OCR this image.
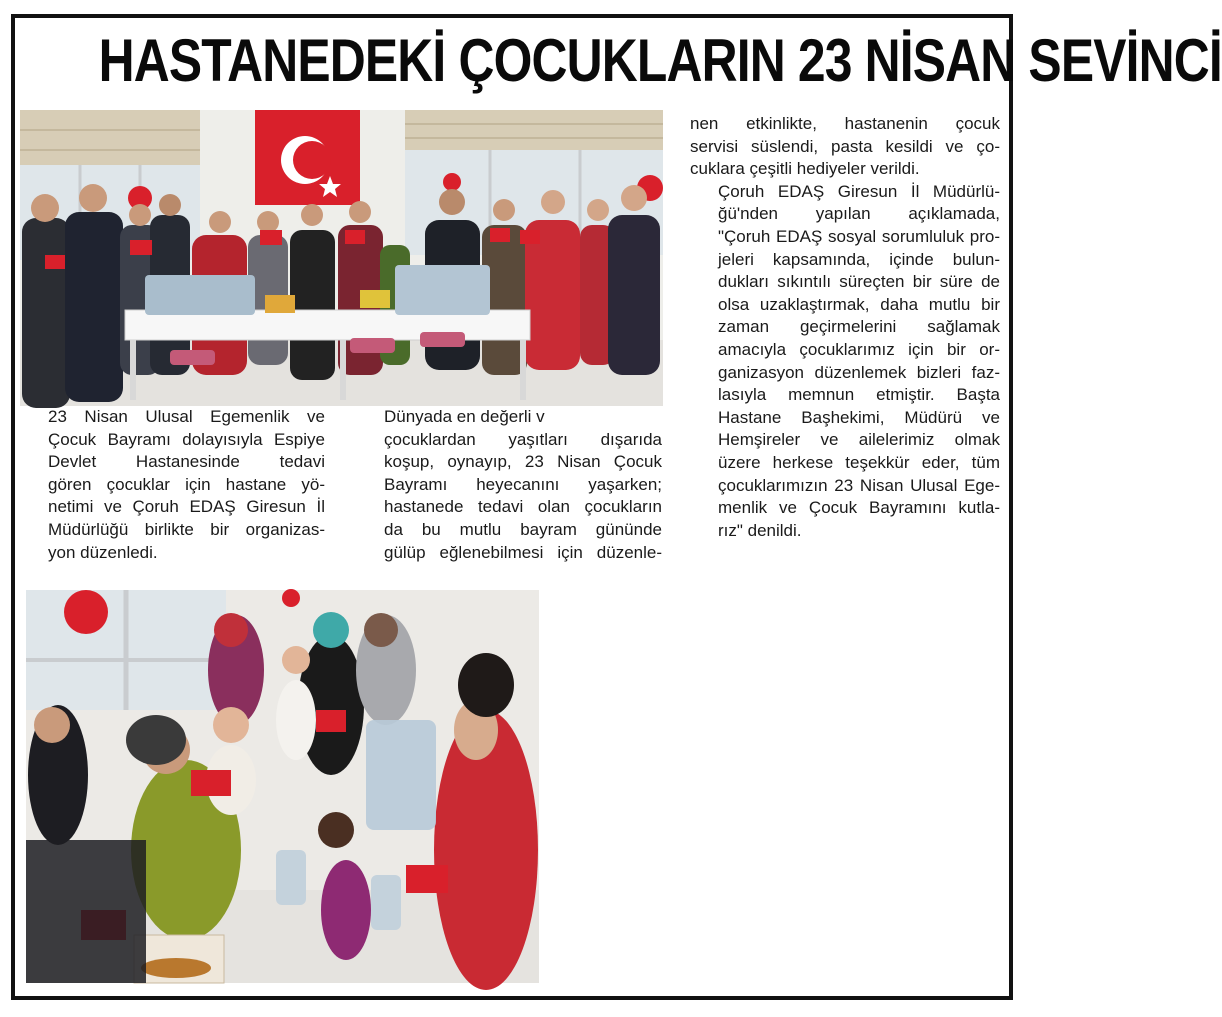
HASTANEDEKİ ÇOCUKLARIN 23 NİSAN SEVİNCİ

23 Nisan Ulusal Egemenlik ve
Çocuk Bayramı dolayısıyla Espiye
Devlet Hastanesinde tedavi
gören çocuklar için hastane yö-
netimi ve Çoruh EDAŞ Giresun İl
Müdürlüğü birlikte bir organizas-
yon düzenledi.

Dünyada en değerli v
çocuklardan yaşıtları dışarıda
koşup, oynayıp, 23 Nisan Çocuk
Bayramı heyecanını yaşarken;
hastanede tedavi olan çocukların
da bu mutlu bayram gününde
gülüp eğlenebilmesi için düzenle-

nen etkinlikte, hastanenin çocuk
servisi süslendi, pasta kesildi ve ço-
cuklara çeşitli hediyeler verildi.

Çoruh EDAŞ Giresun İl Müdürlü-
ğü'nden yapılan açıklamada,
"Çoruh EDAŞ sosyal sorumluluk pro-
jeleri kapsamında, içinde bulun-
dukları sıkıntılı süreçten bir süre de
olsa uzaklaştırmak, daha mutlu bir
zaman geçirmelerini sağlamak
amacıyla çocuklarımız için bir or-
ganizasyon düzenlemek bizleri faz-
lasıyla memnun etmiştir. Başta
Hastane Başhekimi, Müdürü ve
Hemşireler ve ailelerimiz olmak
üzere herkese teşekkür eder, tüm
çocuklarımızın 23 Nisan Ulusal Ege-
menlik ve Çocuk Bayramını kutla-
rız" denildi.
